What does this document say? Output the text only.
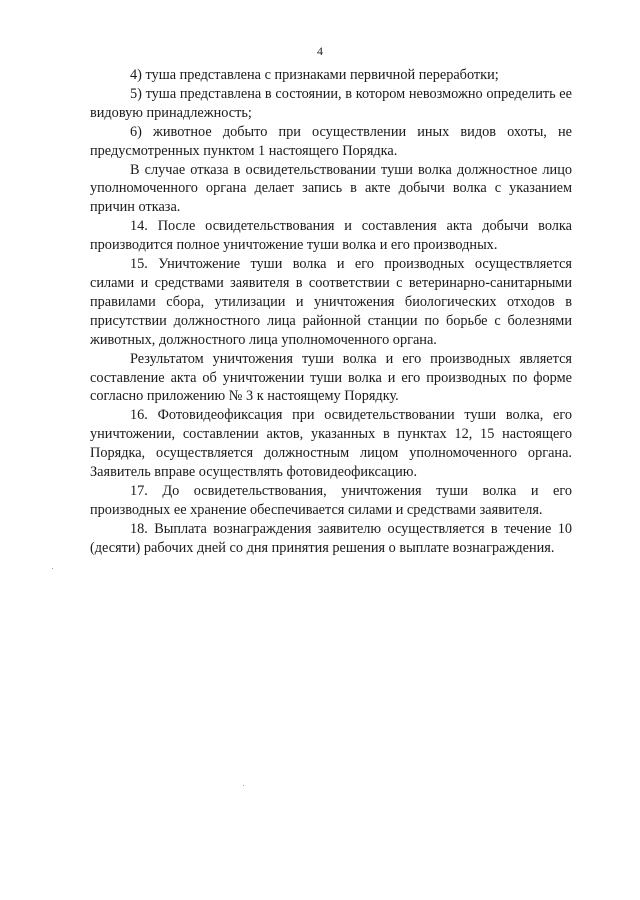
4

4) туша представлена с признаками первичной переработки;

5) туша представлена в состоянии, в котором невозможно определить ее видовую принадлежность;

6) животное добыто при осуществлении иных видов охоты, не предусмотренных пунктом 1 настоящего Порядка.

В случае отказа в освидетельствовании туши волка должностное лицо уполномоченного органа делает запись в акте добычи волка с указанием причин отказа.

14. После освидетельствования и составления акта добычи волка производится полное уничтожение туши волка и его производных.

15. Уничтожение туши волка и его производных осуществляется силами и средствами заявителя в соответствии с ветеринарно-санитарными правилами сбора, утилизации и уничтожения биологических отходов в присутствии должностного лица районной станции по борьбе с болезнями животных, должностного лица уполномоченного органа.

Результатом уничтожения туши волка и его производных является составление акта об уничтожении туши волка и его производных по форме согласно приложению № 3 к настоящему Порядку.

16. Фотовидеофиксация при освидетельствовании туши волка, его уничтожении, составлении актов, указанных в пунктах 12, 15 настоящего Порядка, осуществляется должностным лицом уполномоченного органа. Заявитель вправе осуществлять фотовидеофиксацию.

17. До освидетельствования, уничтожения туши волка и его производных ее хранение обеспечивается силами и средствами заявителя.

18. Выплата вознаграждения заявителю осуществляется в течение 10 (десяти) рабочих дней со дня принятия решения о выплате вознаграждения.
